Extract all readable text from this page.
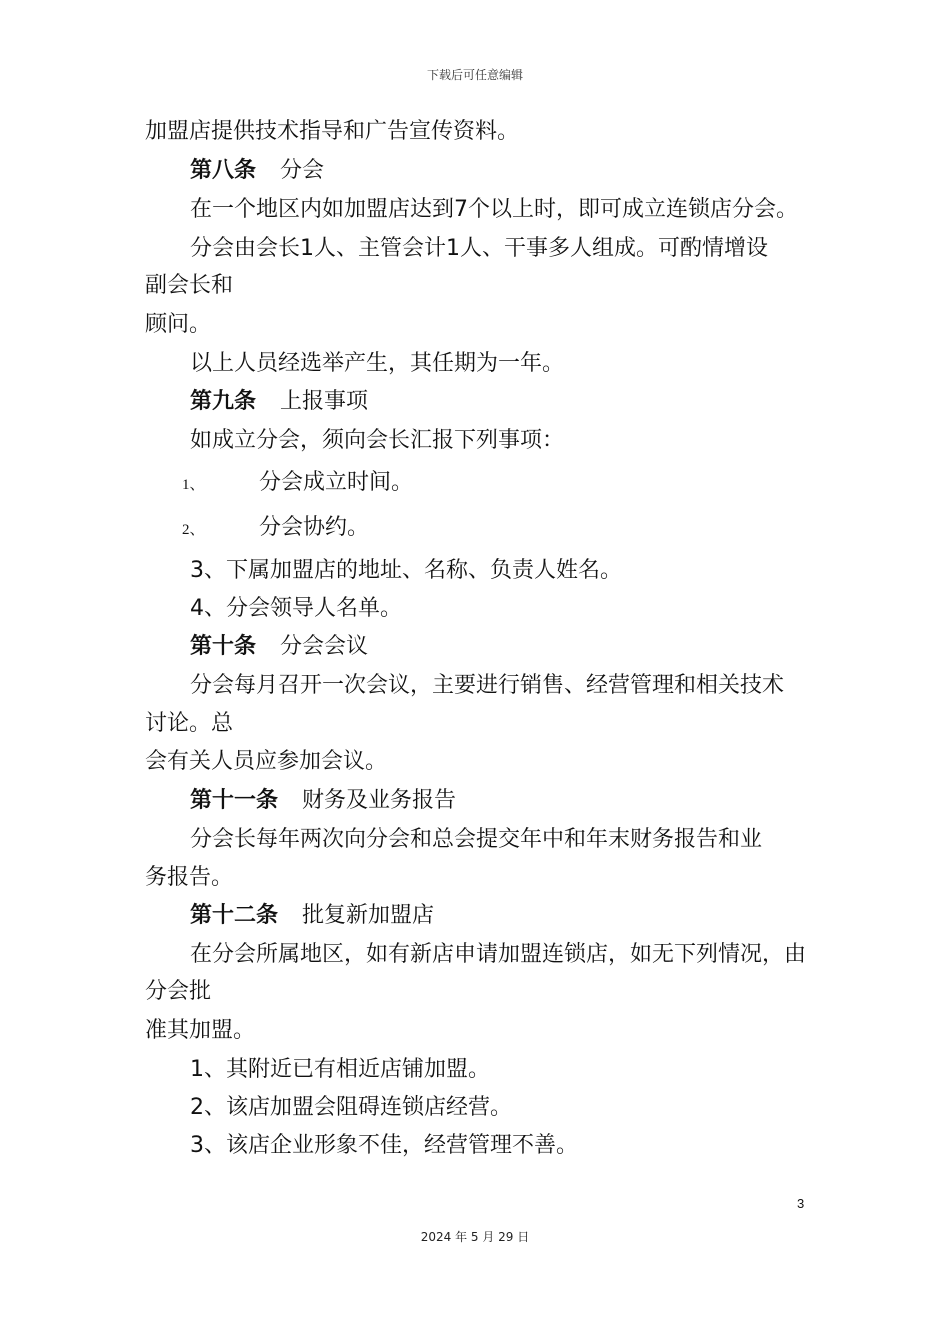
下载后可任意编辑
加盟店提供技术指导和广告宣传资料。
第八条 分会
在一个地区内如加盟店达到7个以上时，即可成立连锁店分会。
分会由会长1人、主管会计1人、干事多人组成。可酌情增设
副会长和
顾问。
以上人员经选举产生，其任期为一年。
第九条 上报事项
如成立分会，须向会长汇报下列事项：
1、 分会成立时间。
2、 分会协约。
3、下属加盟店的地址、名称、负责人姓名。
4、分会领导人名单。
第十条 分会会议
分会每月召开一次会议，主要进行销售、经营管理和相关技术
讨论。总
会有关人员应参加会议。
第十一条 财务及业务报告
分会长每年两次向分会和总会提交年中和年末财务报告和业
务报告。
第十二条 批复新加盟店
在分会所属地区，如有新店申请加盟连锁店，如无下列情况，由
分会批
准其加盟。
1、其附近已有相近店铺加盟。
2、该店加盟会阻碍连锁店经营。
3、该店企业形象不佳，经营管理不善。
3
2024 年 5 月 29 日
